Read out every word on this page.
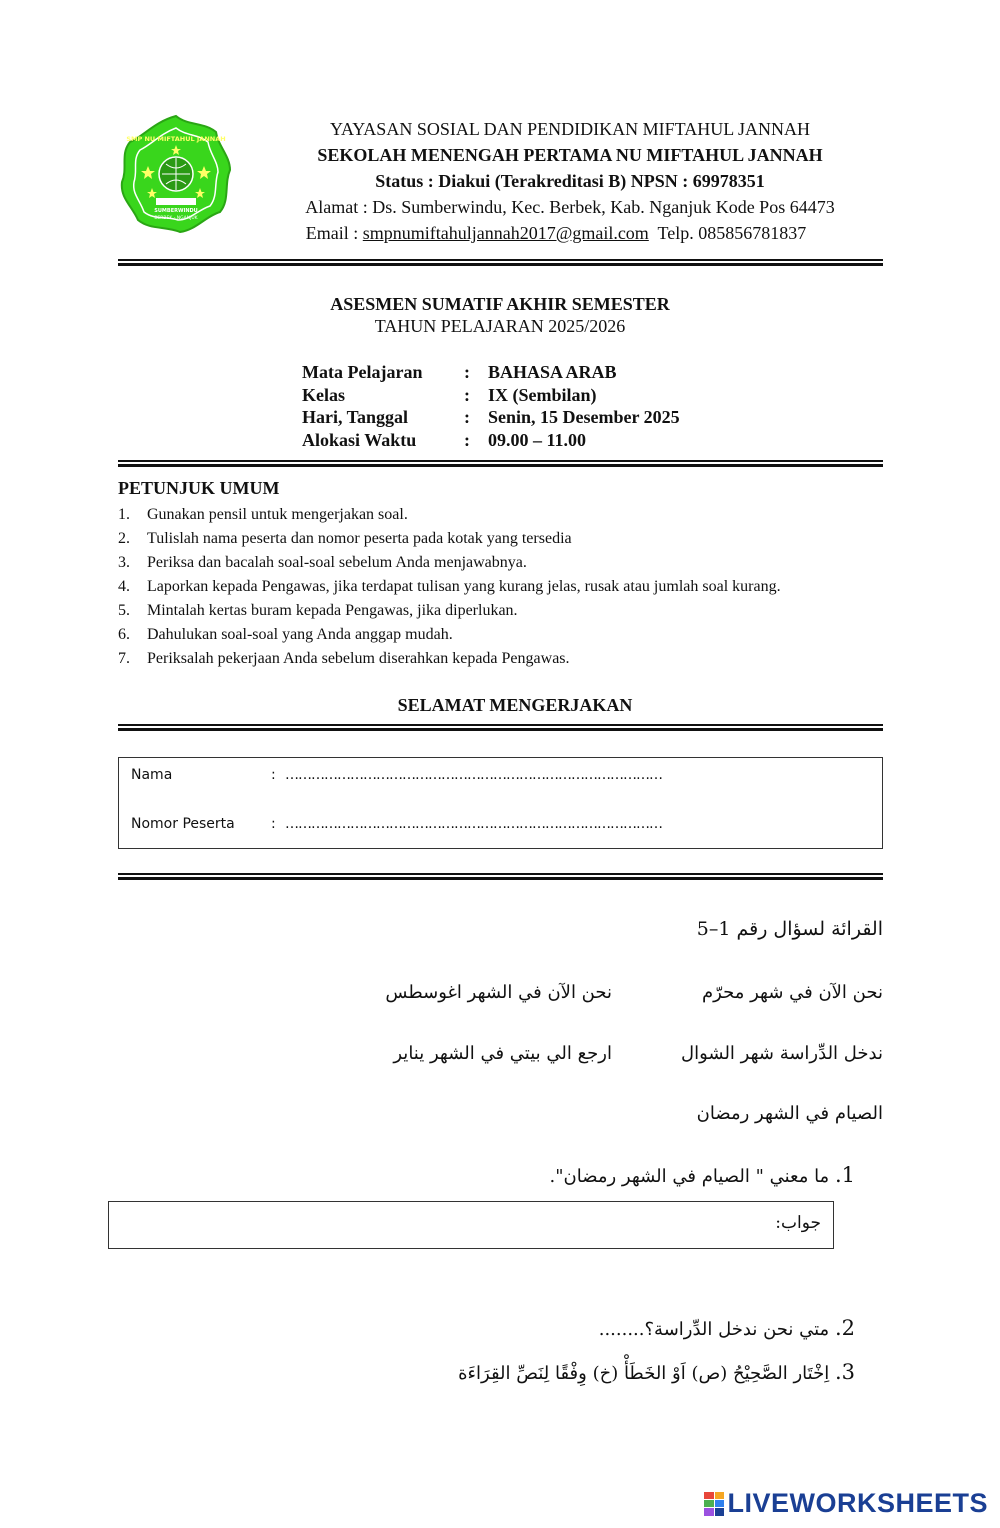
SMP NU MIFTAHUL JANNAH
SUMBERWINDU
BERBEK - NGANJUK
YAYASAN SOSIAL DAN PENDIDIKAN MIFTAHUL JANNAH
SEKOLAH MENENGAH PERTAMA NU MIFTAHUL JANNAH
Status : Diakui (Terakreditasi B) NPSN : 69978351
Alamat : Ds. Sumberwindu, Kec. Berbek, Kab. Nganjuk Kode Pos 64473
Email : smpnumiftahuljannah2017@gmail.com  Telp. 085856781837
ASESMEN SUMATIF AKHIR SEMESTER
TAHUN PELAJARAN 2025/2026
Mata Pelajaran	:	BAHASA ARAB
Kelas	:	IX (Sembilan)
Hari, Tanggal	:	Senin, 15 Desember 2025
Alokasi Waktu	:	09.00 – 11.00
PETUNJUK UMUM
1.	Gunakan pensil untuk mengerjakan soal.
2.	Tulislah nama peserta dan nomor peserta pada kotak yang tersedia
3.	Periksa dan bacalah soal-soal sebelum Anda menjawabnya.
4.	Laporkan kepada Pengawas, jika terdapat tulisan yang kurang jelas, rusak atau jumlah soal kurang.
5.	Mintalah kertas buram kepada Pengawas, jika diperlukan.
6.	Dahulukan soal-soal yang Anda anggap mudah.
7.	Periksalah pekerjaan Anda sebelum diserahkan kepada Pengawas.
SELAMAT MENGERJAKAN
Nama	: ……………………………………………………………………………
Nomor Peserta	: ……………………………………………………………………………
القرائة لسؤال رقم 1–5
نحن الآن في شهر محرّم
نحن الآن في الشهر اغوسطس
ندخل الدِّراسة شهر الشوال
ارجع الي بيتي في الشهر يناير
الصيام في الشهر رمضان
1. ما معني " الصيام في الشهر رمضان".
جواب:
2. متي نحن ندخل الدِّراسة؟........
3. اِخْتَار الصَّحِيْحُ (ص) اَوْ الخَطَأْ (خ) وِفْقًا لِنَصِّ القِرَاءَة
LIVEWORKSHEETS
